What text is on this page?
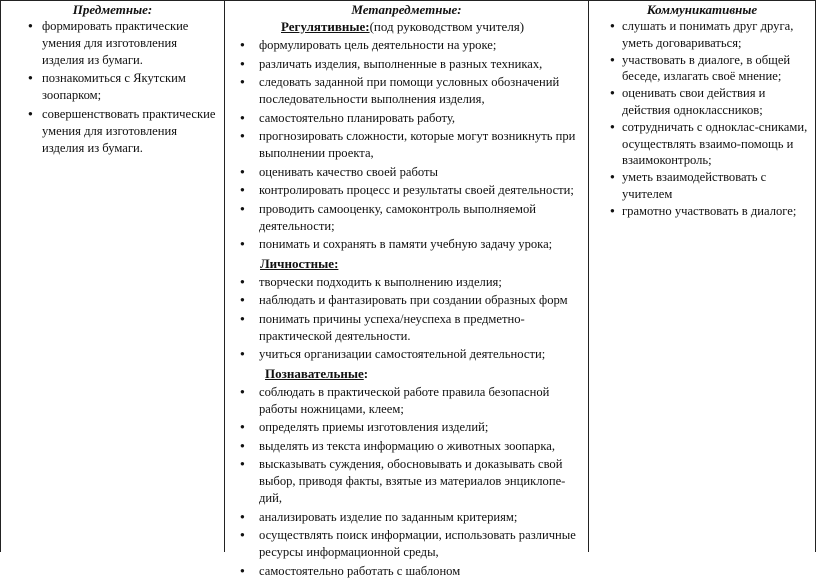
Предметные:
● формировать практические умения для изготовления изделия из бумаги.
● познакомиться с Якутским зоопарком;
● совершенствовать практические умения для изготовления изделия из бумаги.
Метапредметные:
Регулятивные:(под руководством учителя)
● формулировать цель деятельности на уроке;
● различать изделия, выполненные в разных техниках,
● следовать заданной при помощи условных обозначений последовательности выполнения изделия,
● самостоятельно планировать работу,
● прогнозировать сложности, которые могут возникнуть при выполнении проекта,
● оценивать качество своей работы
● контролировать процесс и результаты своей деятельности;
● проводить самооценку, самоконтроль выполняемой деятельности;
● понимать и сохранять в памяти учебную задачу урока;
Личностные:
● творчески подходить к выполнению изделия;
● наблюдать и фантазировать при создании образных форм
● понимать причины успеха/неуспеха в предметно-практической деятельности.
● учиться организации самостоятельной деятельности;
Познавательные:
● соблюдать в практической работе правила безопасной работы ножницами, клеем;
● определять приемы изготовления изделий;
● выделять из текста информацию о животных зоопарка,
● высказывать суждения, обосновывать и доказывать свой выбор, приводя факты, взятые из материалов энциклопе-дий,
● анализировать изделие по заданным критериям;
● осуществлять поиск информации, использовать различные ресурсы информационной среды,
● самостоятельно работать с шаблоном
Коммуникативные
● слушать и понимать друг друга, уметь договариваться;
● участвовать в диалоге, в общей беседе, излагать своё мнение;
● оценивать свои действия и действия одноклассников;
● сотрудничать с одноклас-сниками, осуществлять взаимо-помощь и взаимоконтроль;
● уметь взаимодействовать с учителем
● грамотно участвовать в диалоге;
